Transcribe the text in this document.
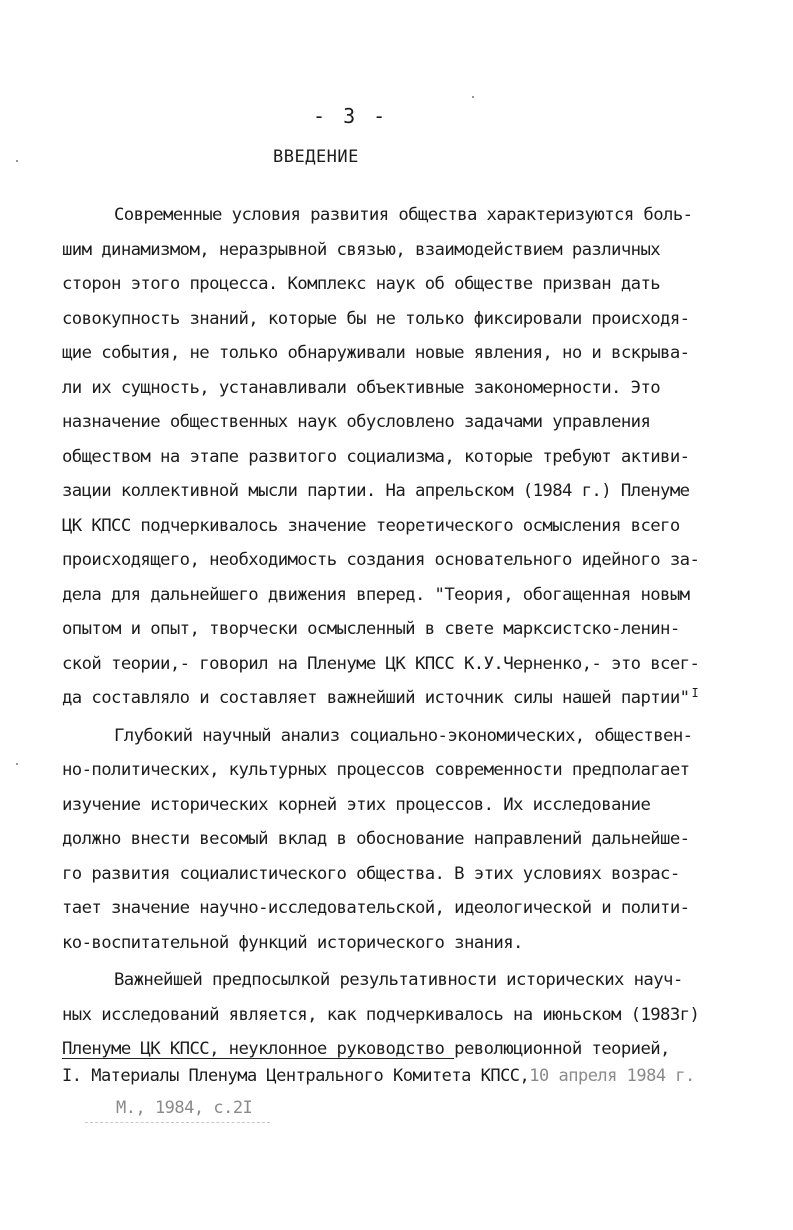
- 3 -
ВВЕДЕНИЕ
Современные условия развития общества характеризуются боль-
шим динамизмом, неразрывной связью, взаимодействием различных
сторон этого процесса. Комплекс наук об обществе призван дать
совокупность знаний, которые бы не только фиксировали происходя-
щие события, не только обнаруживали новые явления, но и вскрыва-
ли их сущность, устанавливали объективные закономерности. Это
назначение общественных наук обусловлено задачами управления
обществом на этапе развитого социализма, которые требуют активи-
зации коллективной мысли партии. На апрельском (1984 г.) Пленуме
ЦК КПСС подчеркивалось значение теоретического осмысления всего
происходящего, необходимость создания основательного идейного за-
дела для дальнейшего движения вперед. "Теория, обогащенная новым
опытом и опыт, творчески осмысленный в свете марксистско-ленин-
ской теории,- говорил на Пленуме ЦК КПСС К.У.Черненко,- это всег-
да составляло и составляет важнейший источник силы нашей партии" $^I$
Глубокий научный анализ социально-экономических, обществен-
но-политических, культурных процессов современности предполагает
изучение исторических корней этих процессов. Их исследование
должно внести весомый вклад в обоснование направлений дальнейше-
го развития социалистического общества. В этих условиях возрас-
тает значение научно-исследовательской, идеологической и полити-
ко-воспитательной функций исторического знания.
Важнейшей предпосылкой результативности исторических науч-
ных исследований является, как подчеркивалось на июньском (1983г)
Пленуме ЦК КПСС, неуклонное руководство революционной теорией,
I. Материалы Пленума Центрального Комитета КПСС,10 апреля 1984 г.
М., 1984, с.2I
